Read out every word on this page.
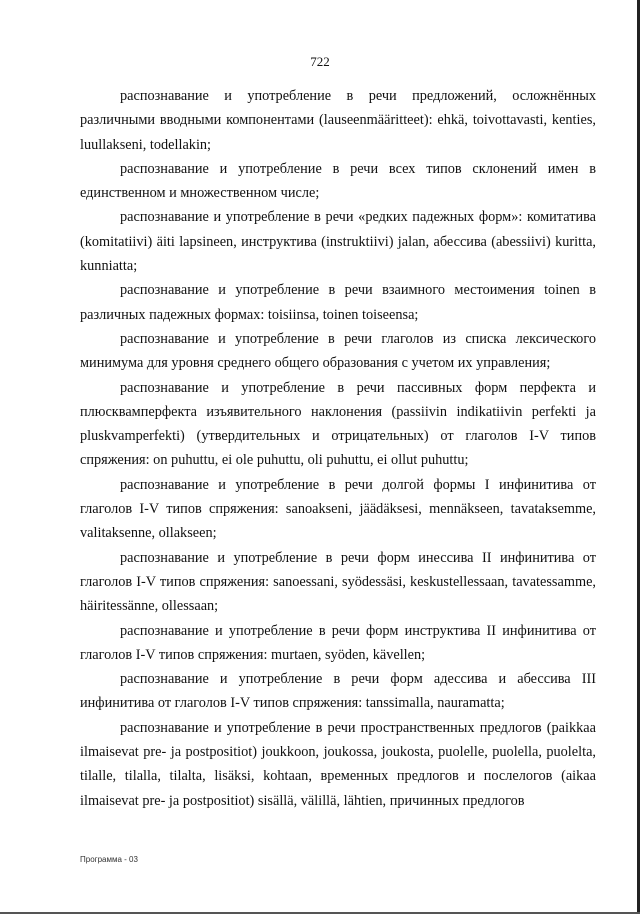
722

распознавание и употребление в речи предложений, осложнённых различными вводными компонентами (lauseenmääritteet): ehkä, toivottavasti, kenties, luullakseni, todellakin;

распознавание и употребление в речи всех типов склонений имен в единственном и множественном числе;

распознавание и употребление в речи «редких падежных форм»: комитатива (komitatiivi) äiti lapsineen, инструктива (instruktiivi) jalan, абессива (abessiivi) kuritta, kunniatta;

распознавание и употребление в речи взаимного местоимения toinen в различных падежных формах: toisiinsa, toinen toiseensa;

распознавание и употребление в речи глаголов из списка лексического минимума для уровня среднего общего образования с учетом их управления;

распознавание и употребление в речи пассивных форм перфекта и плюсквамперфекта изъявительного наклонения (passiivin indikatiivin perfekti ja pluskvamperfekti) (утвердительных и отрицательных) от глаголов I-V типов спряжения: on puhuttu, ei ole puhuttu, oli puhuttu, ei ollut puhuttu;

распознавание и употребление в речи долгой формы I инфинитива от глаголов I-V типов спряжения: sanoakseni, jäädäksesi, mennäkseen, tavataksemme, valitaksenne, ollakseen;

распознавание и употребление в речи форм инессива II инфинитива от глаголов I-V типов спряжения: sanoessani, syödessäsi, keskustellessaan, tavatessamme, häiritessänne, ollessaan;

распознавание и употребление в речи форм инструктива II инфинитива от глаголов I-V типов спряжения: murtaen, syöden, kävellen;

распознавание и употребление в речи форм адессива и абессива III инфинитива от глаголов I-V типов спряжения: tanssimalla, nauramatta;

распознавание и употребление в речи пространственных предлогов (paikkaa ilmaisevat pre- ja postpositiot) joukkoon, joukossa, joukosta, puolelle, puolella, puolelta, tilalle, tilalla, tilalta, lisäksi, kohtaan, временных предлогов и послелогов (aikaa ilmaisevat pre- ja postpositiot) sisällä, välillä, lähtien, причинных предлогов

Программа - 03
